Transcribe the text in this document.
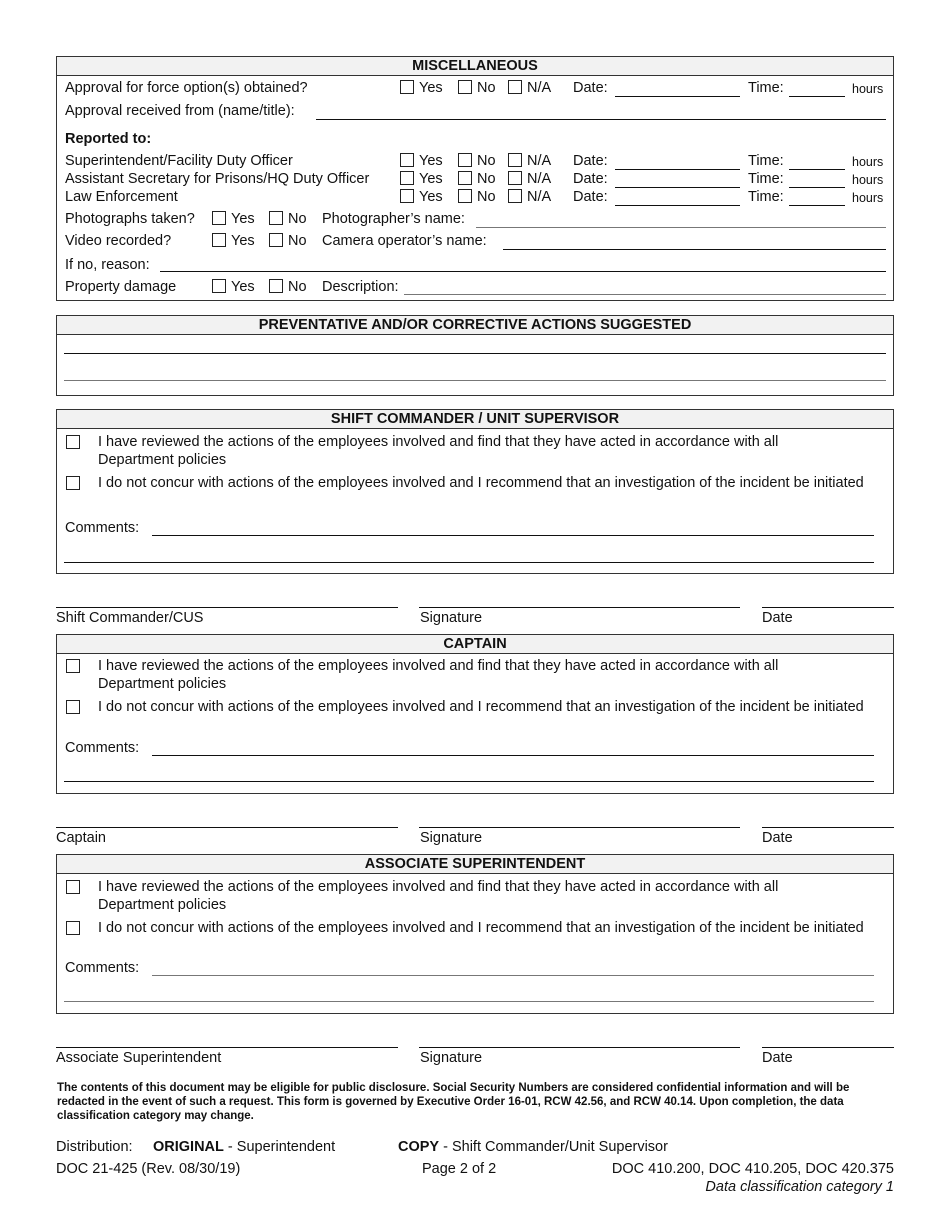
MISCELLANEOUS
Approval for force option(s) obtained?	Yes	No	N/A Date:	Time:	hours
Approval received from (name/title):
Reported to:
Superintendent/Facility Duty Officer	Yes	No	N/A Date:	Time:	hours
Assistant Secretary for Prisons/HQ Duty Officer	Yes	No	N/A Date:	Time:	hours
Law Enforcement	Yes	No	N/A Date:	Time:	hours
Photographs taken?	Yes	No Photographer’s name:
Video recorded?	Yes	No Camera operator’s name:
If no, reason:
Property damage	Yes	No Description:
PREVENTATIVE AND/OR CORRECTIVE ACTIONS SUGGESTED
SHIFT COMMANDER / UNIT SUPERVISOR
I have reviewed the actions of the employees involved and find that they have acted in accordance with all Department policies
I do not concur with actions of the employees involved and I recommend that an investigation of the incident be initiated
Comments:
Shift Commander/CUS	Signature	Date
CAPTAIN
I have reviewed the actions of the employees involved and find that they have acted in accordance with all Department policies
I do not concur with actions of the employees involved and I recommend that an investigation of the incident be initiated
Comments:
Captain	Signature	Date
ASSOCIATE SUPERINTENDENT
I have reviewed the actions of the employees involved and find that they have acted in accordance with all Department policies
I do not concur with actions of the employees involved and I recommend that an investigation of the incident be initiated
Comments:
Associate Superintendent	Signature	Date
The contents of this document may be eligible for public disclosure. Social Security Numbers are considered confidential information and will be redacted in the event of such a request. This form is governed by Executive Order 16-01, RCW 42.56, and RCW 40.14. Upon completion, the data classification category may change.
Distribution: ORIGINAL - Superintendent	COPY - Shift Commander/Unit Supervisor
DOC 21-425 (Rev. 08/30/19)	Page 2 of 2	DOC 410.200, DOC 410.205, DOC 420.375
Data classification category 1
